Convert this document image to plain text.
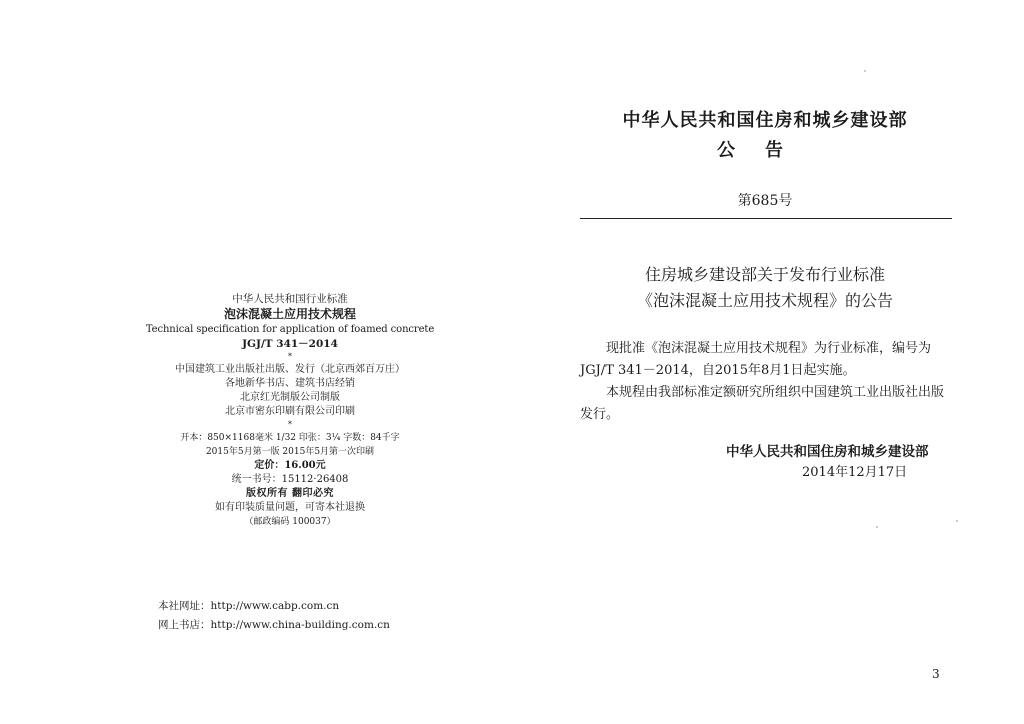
中华人民共和国行业标准
泡沫混凝土应用技术规程
Technical specification for application of foamed concrete
JGJ/T 341－2014
*
中国建筑工业出版社出版、发行（北京西郊百万庄）
各地新华书店、建筑书店经销
北京红光制版公司制版
北京市密东印刷有限公司印刷
*
开本：850×1168毫米 1/32 印张：3¼ 字数：84千字
2015年5月第一版 2015年5月第一次印刷
定价：16.00元
统一书号：15112·26408
版权所有 翻印必究
如有印装质量问题，可寄本社退换
（邮政编码 100037）
本社网址：http://www.cabp.com.cn
网上书店：http://www.china-building.com.cn
中华人民共和国住房和城乡建设部
公告
第685号
住房城乡建设部关于发布行业标准
《泡沫混凝土应用技术规程》的公告

现批准《泡沫混凝土应用技术规程》为行业标准，编号为

JGJ/T 341－2014，自2015年8月1日起实施。

本规程由我部标准定额研究所组织中国建筑工业出版社出版

发行。

中华人民共和国住房和城乡建设部
2014年12月17日
3
